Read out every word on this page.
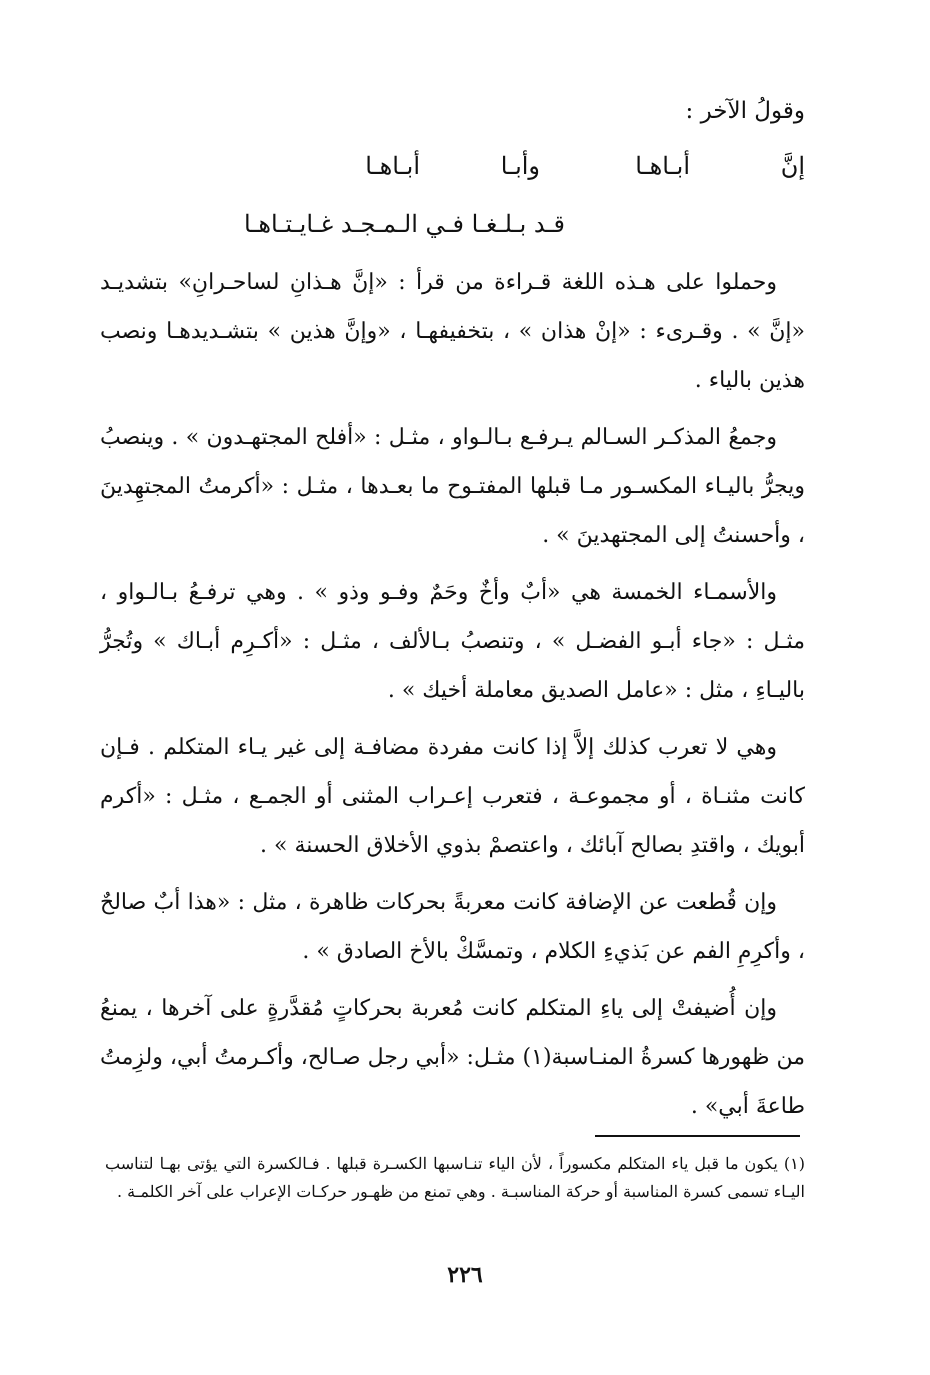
وقولُ الآخر :
إنَّ
أبـاهـا
وأبـا
أبـاهـا
قـد بـلـغـا فـي الـمـجـد غـايـتـاهـا

وحملوا على هـذه اللغة قـراءة من قرأ : «إنَّ هـذانِ لساحـرانِ» بتشديـد «إنَّ » . وقـرىء : «إنْ هذان » ، بتخفيفهـا ، «وإنَّ هذين » بتشـديدهـا ونصب هذين بالياء .

وجمعُ المذكـر السـالم يـرفـع بـالـواو ، مثـل : «أفلح المجتهـدون » . وينصبُ ويجرُّ باليـاء المكسـور مـا قبلها المفتـوح ما بعـدها ، مثـل : «أكرمتُ المجتهِدينَ ، وأحسنتُ إلى المجتهدينَ » .

والأسمـاء الخمسة هي «أبٌ وأخٌ وحَمٌ وفـو وذو » . وهي ترفـعُ بـالـواو ، مثـل : «جاء أبـو الفضـل » ، وتنصبُ بـالألف ، مثـل : «أكـرِم أبـاك » وتُجرُّ باليـاءِ ، مثل : «عامل الصديق معاملة أخيك » .

وهي لا تعرب كذلك إلاَّ إذا كانت مفردة مضافـة إلى غير يـاء المتكلم . فـإن كانت مثنـاة ، أو مجموعـة ، فتعرب إعـراب المثنى أو الجمـع ، مثـل : «أكرم أبويك ، واقتدِ بصالح آبائك ، واعتصمْ بذوي الأخلاق الحسنة » .

وإن قُطعت عن الإضافة كانت معربةً بحركات ظاهرة ، مثل : «هذا أبٌ صالحٌ ، وأكرِمِ الفم عن بَذيءِ الكلام ، وتمسَّكْ بالأخ الصادق » .

وإن أُضيفتْ إلى ياءِ المتكلم كانت مُعربة بحركاتٍ مُقدَّرةٍ على آخرها ، يمنعُ من ظهورها كسرةُ المنـاسبة(١) مثـل: «أبي رجل صـالح، وأكـرمتُ أبي، ولزِمتُ طاعةَ أبي» .

(١) يكون ما قبل ياء المتكلم مكسوراً ، لأن الياء تنـاسبها الكسـرة قبلها . فـالكسرة التي يؤتى بهـا لتناسب اليـاء تسمى كسرة المناسبة أو حركة المناسبـة . وهي تمنع من ظهـور حركـات الإعراب على آخر الكلمـة .
٢٢٦
